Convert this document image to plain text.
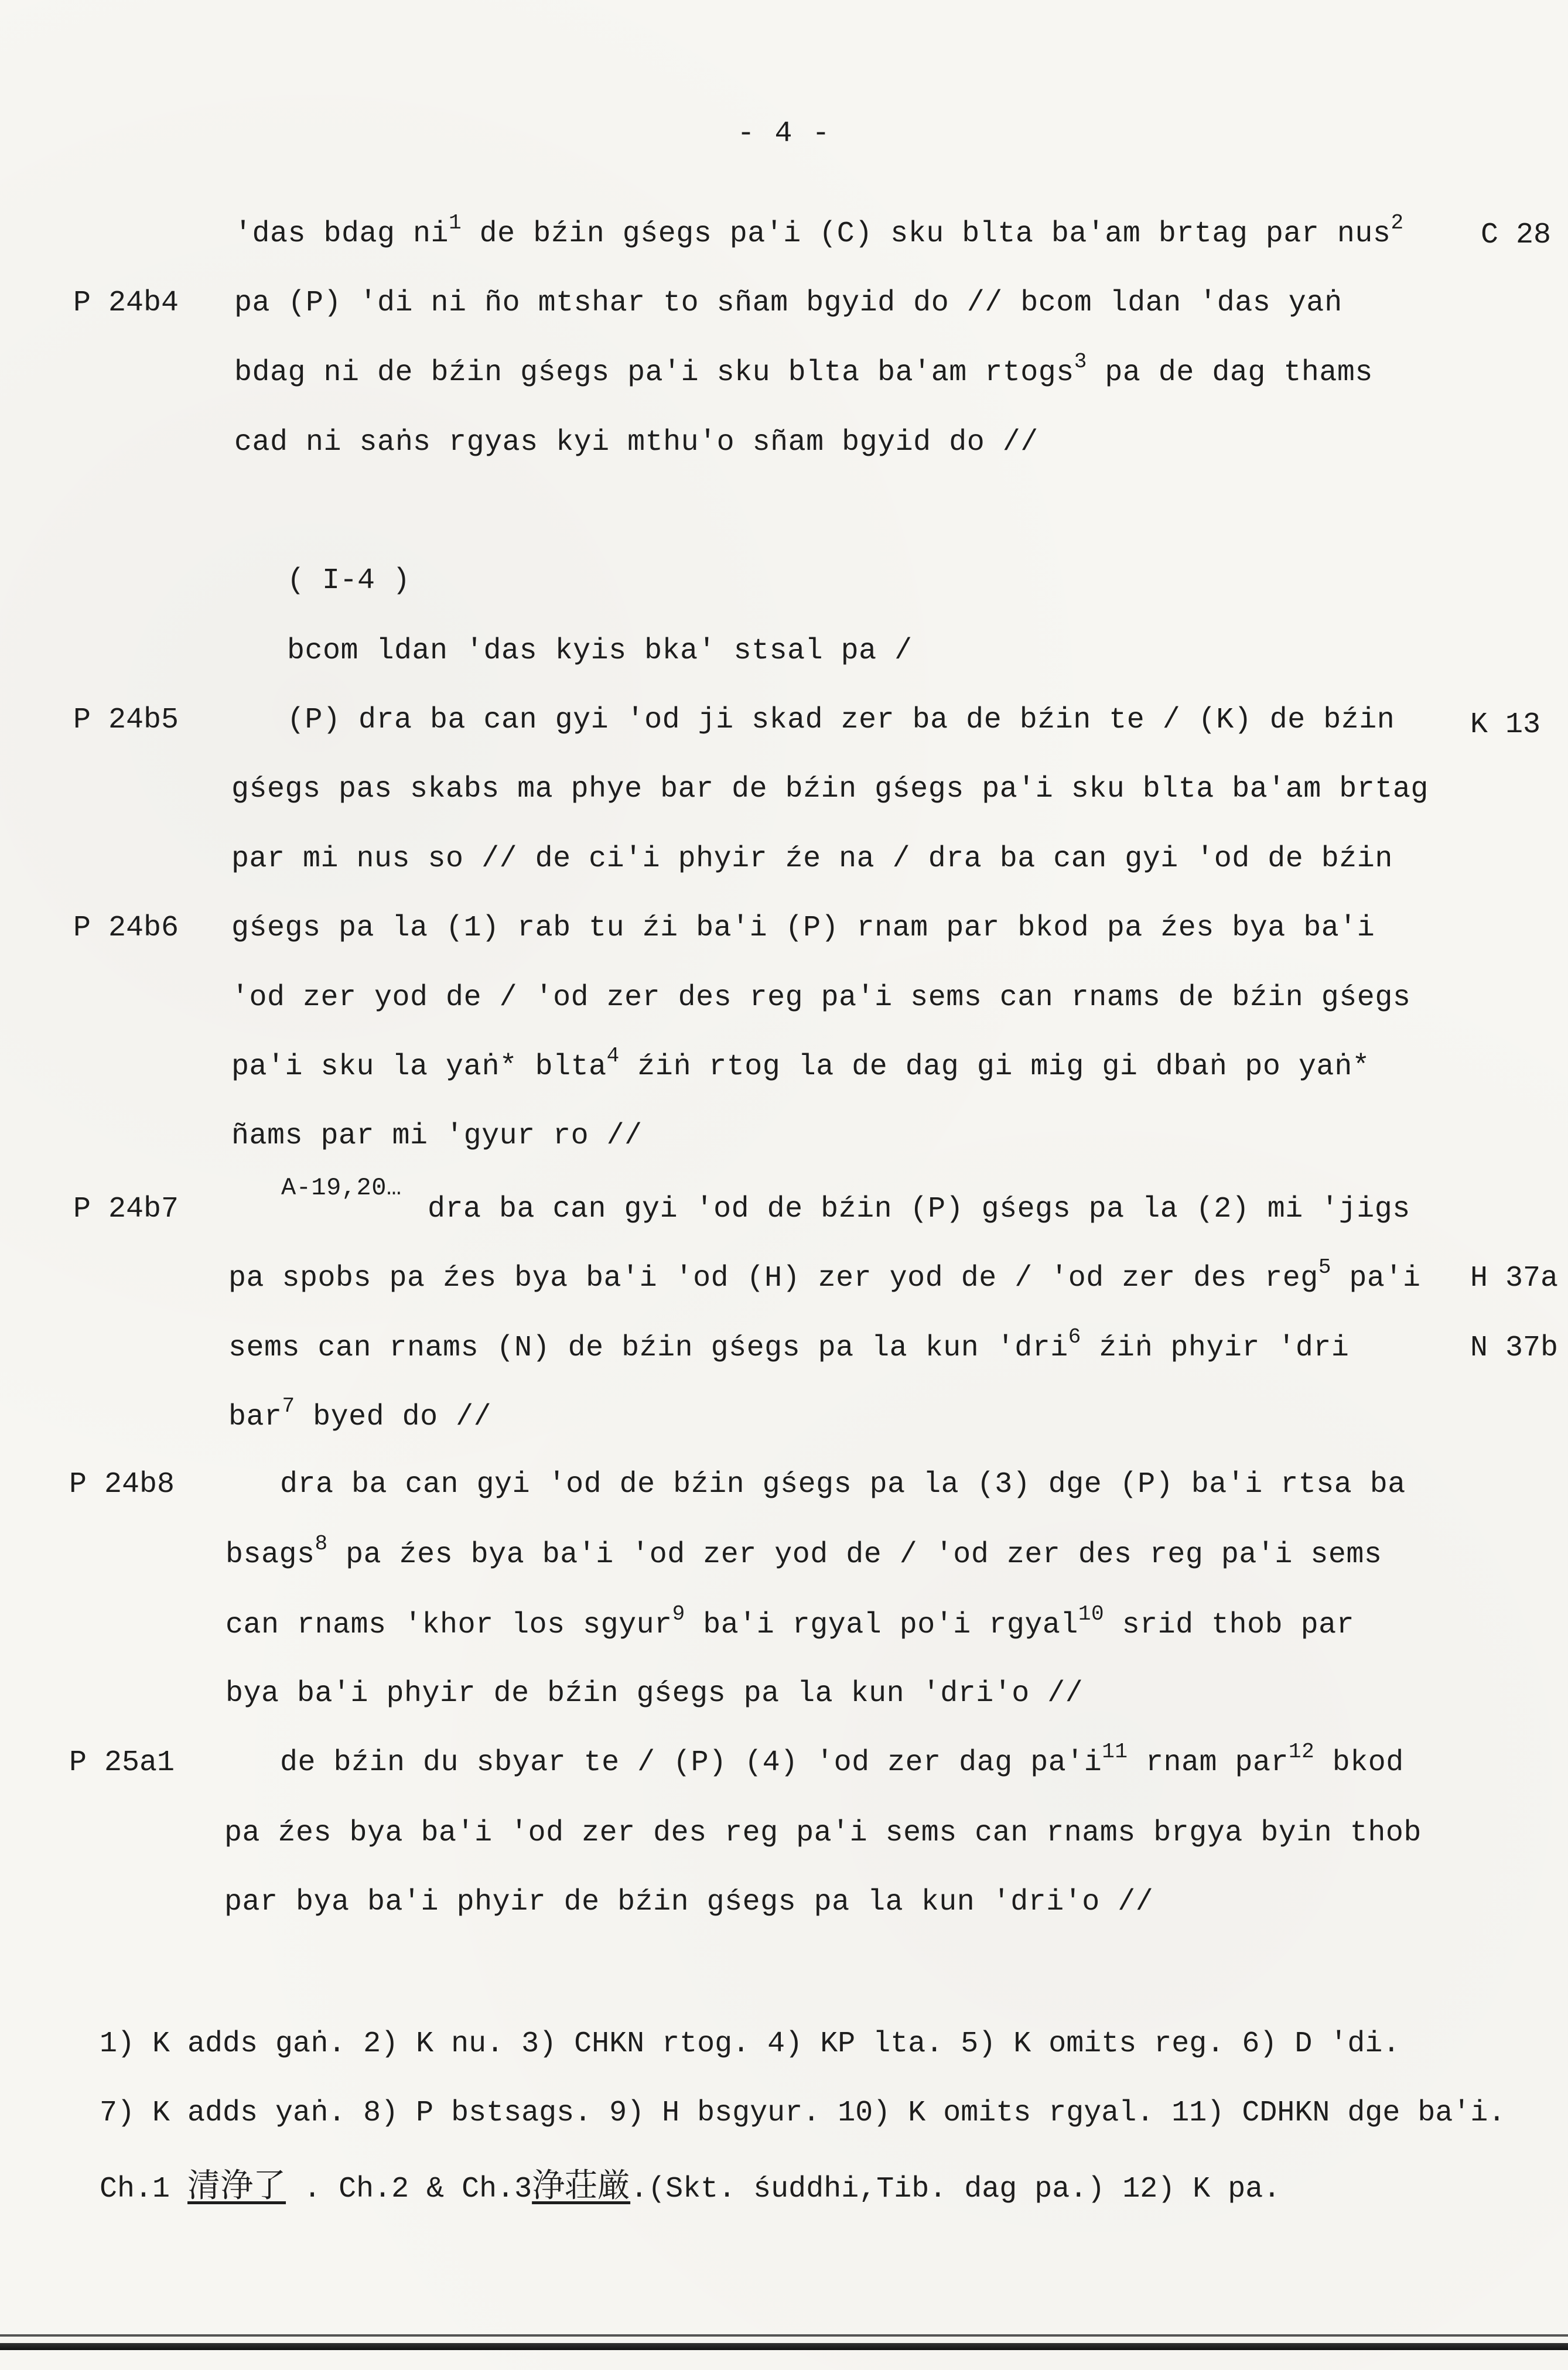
- 4 -
P 24b4
P 24b5
P 24b6
P 24b7
P 24b8
P 25a1
C 28
K 13
H 37a
N 37b
'das bdag $ni^1$ de bźin gśegs pa'i (C) sku blta ba'am brtag par nus$^2$
pa (P) 'di ni ño mtshar to sñam bgyid do // bcom ldan 'das yaṅ
bdag ni de bźin gśegs pa'i sku blta ba'am rtogs$^3$ pa de dag thams
cad ni saṅs rgyas kyi mthu'o sñam bgyid do //
( I-4 )
bcom ldan 'das kyis bka' stsal pa /
(P) dra ba can gyi 'od ji skad zer ba de bźin te / (K) de bźin
gśegs pas skabs ma phye bar de bźin gśegs pa'i sku blta ba'am brtag
par mi nus so // de ci'i phyir źe na / dra ba can gyi 'od de bźin
gśegs pa la (1) rab tu źi ba'i (P) rnam par bkod pa źes bya ba'i
'od zer yod de / 'od zer des reg pa'i sems can rnams de bźin gśegs
pa'i sku la yaṅ* blta$^4$ źiṅ rtog la de dag gi mig gi dbaṅ po yaṅ*
ñams par mi 'gyur ro //
A-19,20…
dra ba can gyi 'od de bźin (P) gśegs pa la (2) mi 'jigs
pa spobs pa źes bya ba'i 'od (H) zer yod de / 'od zer des reg$^5$ pa'i
sems can rnams (N) de bźin gśegs pa la kun 'dri$^6$ źiṅ phyir 'dri
bar$^7$ byed do //
dra ba can gyi 'od de bźin gśegs pa la (3) dge (P) ba'i rtsa ba
bsags$^8$ pa źes bya ba'i 'od zer yod de / 'od zer des reg pa'i sems
can rnams 'khor los sgyur$^9$ ba'i rgyal po'i rgyal$^{10}$ srid thob par
bya ba'i phyir de bźin gśegs pa la kun 'dri'o //
de bźin du sbyar te / (P) (4) 'od zer dag $pa'i^{11}$ rnam par$^{12}$ bkod
pa źes bya ba'i 'od zer des reg pa'i sems can rnams brgya byin thob
par bya ba'i phyir de bźin gśegs pa la kun 'dri'o //
1) K adds gaṅ. 2) K nu. 3) CHKN rtog. 4) KP lta. 5) K omits reg. 6) D 'di.
7) K adds yaṅ. 8) P bstsags. 9) H bsgyur. 10) K omits rgyal. 11) CDHKN dge ba'i.
Ch.1 清浄了 . Ch.2 & Ch.3浄荘厳.(Skt. śuddhi,Tib. dag pa.) 12) K pa.
